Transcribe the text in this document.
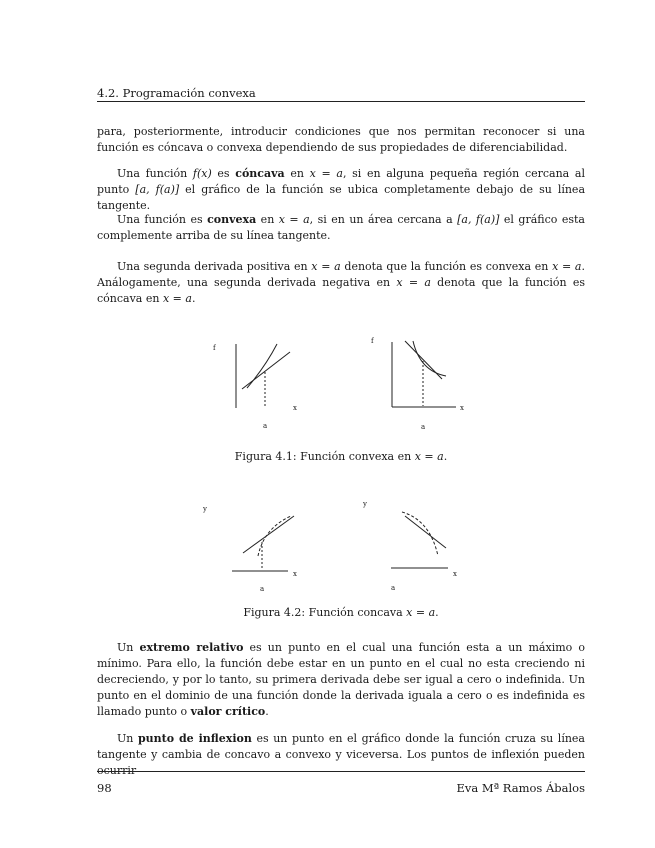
4.2. Programación convexa

para, posteriormente, introducir condiciones que nos permitan reconocer si una función es cóncava o convexa dependiendo de sus propiedades de diferenciabilidad.

Una función f(x) es cóncava en x = a, si en alguna pequeña región cercana al punto [a, f(a)] el gráfico de la función se ubica completamente debajo de su línea tangente.

Una función es convexa en x = a, si en un área cercana a [a, f(a)] el gráfico esta complemente arriba de su línea tangente.

Una segunda derivada positiva en x = a denota que la función es convexa en x = a. Análogamente, una segunda derivada negativa en x = a denota que la función es cóncava en x = a.

f
x
a
f
x
a
Figura 4.1: Función convexa en x = a.
y
x
a
y
x
a
Figura 4.2: Función concava x = a.

Un extremo relativo es un punto en el cual una función esta a un máximo o mínimo. Para ello, la función debe estar en un punto en el cual no esta creciendo ni decreciendo, y por lo tanto, su primera derivada debe ser igual a cero o indefinida. Un punto en el dominio de una función donde la derivada iguala a cero o es indefinida es llamado punto o valor crítico.

Un punto de inflexion es un punto en el gráfico donde la función cruza su línea tangente y cambia de concavo a convexo y viceversa. Los puntos de inflexión pueden ocurrir

98	Eva Mª Ramos Ábalos
